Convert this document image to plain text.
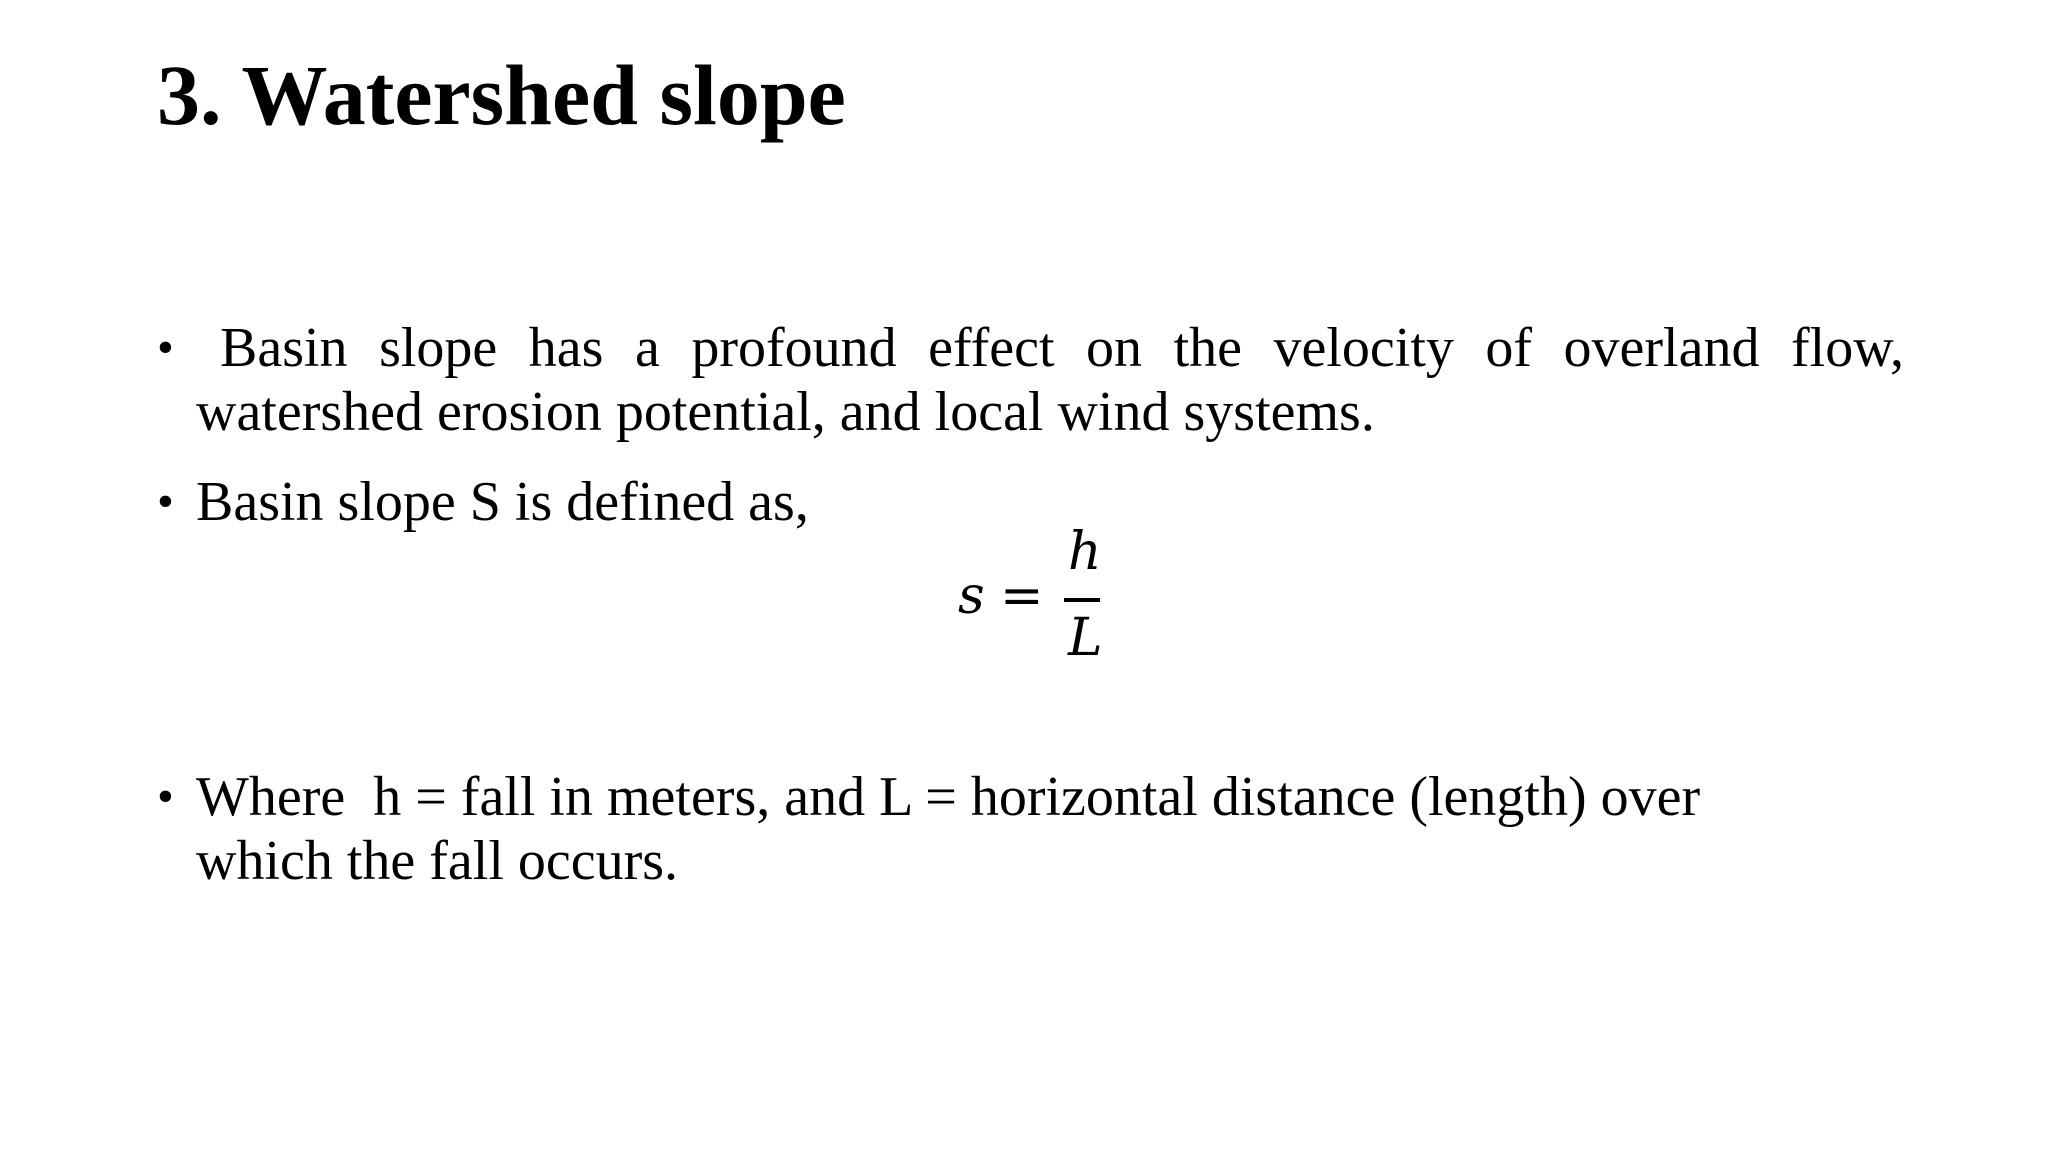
3. Watershed slope
• Basin slope has a profound effect on the velocity of overland flow, watershed erosion potential, and local wind systems.
• Basin slope S is defined as,
s =
h
L
• Where  h = fall in meters, and L = horizontal distance (length) over
which the fall occurs.
